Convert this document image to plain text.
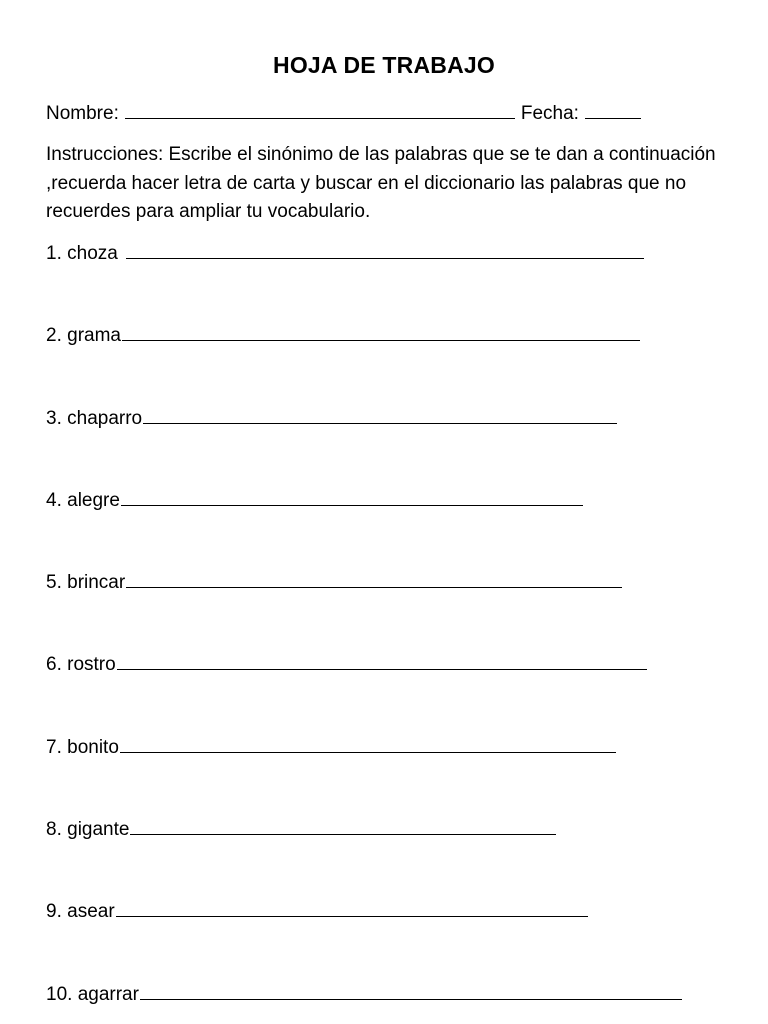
HOJA DE TRABAJO
Nombre:	Fecha:
Instrucciones: Escribe el sinónimo de las palabras que se te dan a continuación ,recuerda hacer letra de carta y buscar en el diccionario las palabras que no recuerdes para ampliar tu vocabulario.
1. choza
2. grama
3. chaparro
4. alegre
5. brincar
6. rostro
7. bonito
8. gigante
9. asear
10. agarrar
